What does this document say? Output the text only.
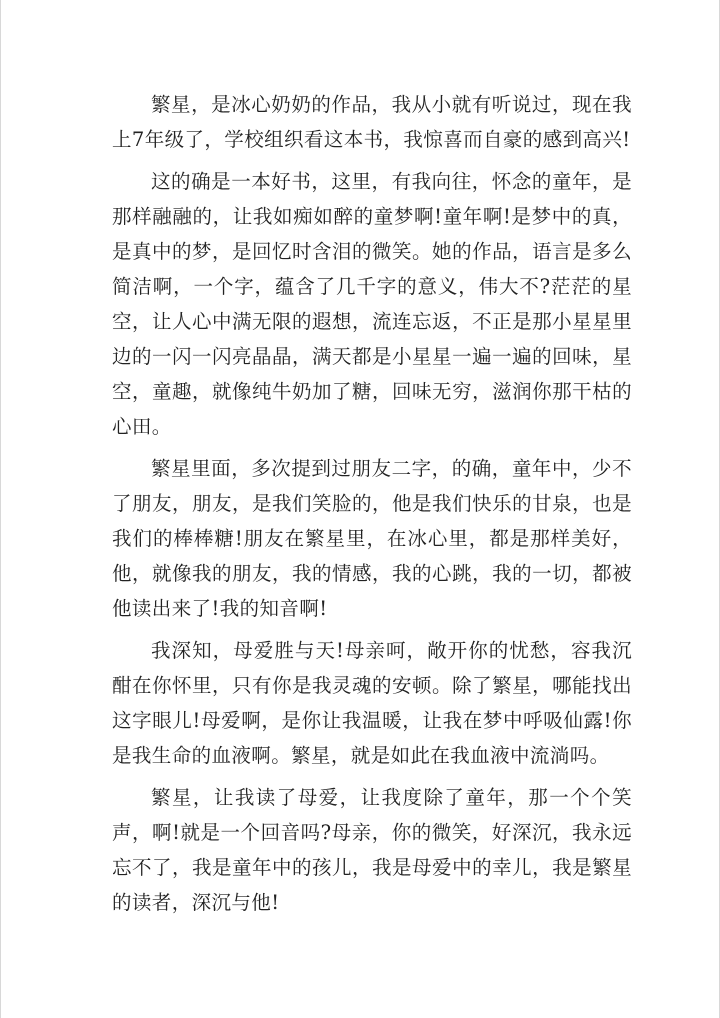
繁星，是冰心奶奶的作品，我从小就有听说过，现在我上7年级了，学校组织看这本书，我惊喜而自豪的感到高兴!

这的确是一本好书，这里，有我向往，怀念的童年，是那样融融的，让我如痴如醉的童梦啊!童年啊!是梦中的真，是真中的梦，是回忆时含泪的微笑。她的作品，语言是多么简洁啊，一个字，蕴含了几千字的意义，伟大不?茫茫的星空，让人心中满无限的遐想，流连忘返，不正是那小星星里边的一闪一闪亮晶晶，满天都是小星星一遍一遍的回味，星空，童趣，就像纯牛奶加了糖，回味无穷，滋润你那干枯的心田。

繁星里面，多次提到过朋友二字，的确，童年中，少不了朋友，朋友，是我们笑脸的，他是我们快乐的甘泉，也是我们的棒棒糖!朋友在繁星里，在冰心里，都是那样美好，他，就像我的朋友，我的情感，我的心跳，我的一切，都被他读出来了!我的知音啊!

我深知，母爱胜与天!母亲呵，敞开你的忧愁，容我沉酣在你怀里，只有你是我灵魂的安顿。除了繁星，哪能找出这字眼儿!母爱啊，是你让我温暖，让我在梦中呼吸仙露!你是我生命的血液啊。繁星，就是如此在我血液中流淌吗。

繁星，让我读了母爱，让我度除了童年，那一个个笑声，啊!就是一个回音吗?母亲，你的微笑，好深沉，我永远忘不了，我是童年中的孩儿，我是母爱中的幸儿，我是繁星的读者，深沉与他!
